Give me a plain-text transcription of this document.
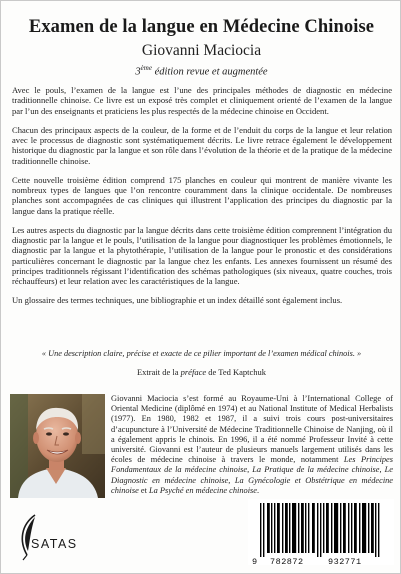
Examen de la langue en Médecine Chinoise
Giovanni Maciocia
3ème édition revue et augmentée

Avec le pouls, l’examen de la langue est l’une des principales méthodes de diagnostic en médecine traditionnelle chinoise. Ce livre est un exposé très complet et cliniquement orienté de l’examen de la langue par l’un des enseignants et praticiens les plus respectés de la médecine chinoise en Occident.

Chacun des principaux aspects de la couleur, de la forme et de l’enduit du corps de la langue et leur relation avec le processus de diagnostic sont systématiquement décrits. Le livre retrace également le développement historique du diagnostic par la langue et son rôle dans l’évolution de la théorie et de la pratique de la médecine traditionnelle chinoise.

Cette nouvelle troisième édition comprend 175 planches en couleur qui montrent de manière vivante les nombreux types de langues que l’on rencontre couramment dans la clinique occidentale. De nombreuses planches sont accompagnées de cas cliniques qui illustrent l’application des principes du diagnostic par la langue dans la pratique réelle.

Les autres aspects du diagnostic par la langue décrits dans cette troisième édition comprennent l’intégration du diagnostic par la langue et le pouls, l’utilisation de la langue pour diagnostiquer les problèmes émotionnels, le diagnostic par la langue et la phytothérapie, l’utilisation de la langue pour le pronostic et des considérations particulières concernant le diagnostic par la langue chez les enfants. Les annexes fournissent un résumé des principes traditionnels régissant l’identification des schémas pathologiques (six niveaux, quatre couches, trois réchauffeurs) et leur relation avec les caractéristiques de la langue.

Un glossaire des termes techniques, une bibliographie et un index détaillé sont également inclus.

« Une description claire, précise et exacte de ce pilier important de l’examen médical chinois. »
Extrait de la préface de Ted Kaptchuk

Giovanni Maciocia s’est formé au Royaume-Uni à l’International College of Oriental Medicine (diplômé en 1974) et au National Institute of Medical Herbalists (1977). En 1980, 1982 et 1987, il a suivi trois cours post-universitaires d’acupuncture à l’Université de Médecine Traditionnelle Chinoise de Nanjing, où il a également appris le chinois. En 1996, il a été nommé Professeur Invité à cette université. Giovanni est l’auteur de plusieurs manuels largement utilisés dans les écoles de médecine chinoise à travers le monde, notamment Les Principes Fondamentaux de la médecine chinoise, La Pratique de la médecine chinoise, Le Diagnostic en médecine chinoise, La Gynécologie et Obstétrique en médecine chinoise et La Psyché en médecine chinoise.

SATAS
9 782872	932771
